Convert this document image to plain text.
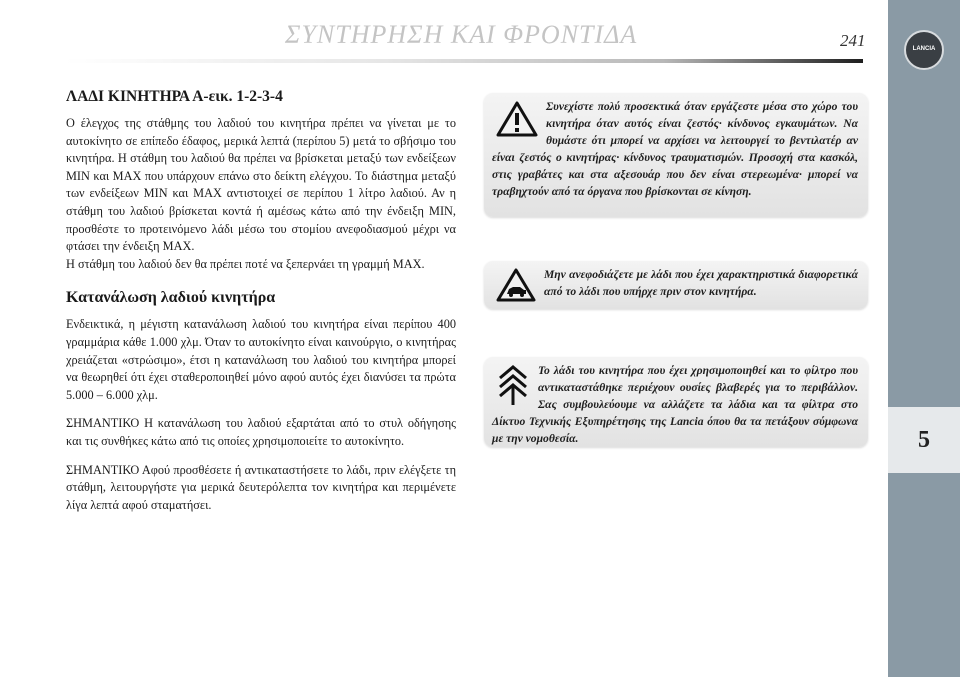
ΣΥΝΤΗΡΗΣΗ ΚΑΙ ΦΡΟΝΤΙΔΑ	241	LANCIA
5
ΛΑΔΙ ΚΙΝΗΤΗΡΑ Α-εικ. 1-2-3-4

Ο έλεγχος της στάθμης του λαδιού του κινητήρα πρέπει να γίνεται με το αυτοκίνητο σε επίπεδο έδαφος, μερικά λεπτά (περίπου 5) μετά το σβήσιμο του κινητήρα. Η στάθμη του λαδιού θα πρέπει να βρίσκεται μεταξύ των ενδείξεων MIN και MAX που υπάρχουν επάνω στο δείκτη ελέγχου. Το διάστημα μεταξύ των ενδείξεων MIN και MAX αντιστοιχεί σε περίπου 1 λίτρο λαδιού. Αν η στάθμη του λαδιού βρίσκεται κοντά ή αμέσως κάτω από την ένδειξη MIN, προσθέστε το προτεινόμενο λάδι μέσω του στομίου ανεφοδιασμού μέχρι να φτάσει την ένδειξη MAX.

Η στάθμη του λαδιού δεν θα πρέπει ποτέ να ξεπερνάει τη γραμμή MAX.

Κατανάλωση λαδιού κινητήρα

Ενδεικτικά, η μέγιστη κατανάλωση λαδιού του κινητήρα είναι περίπου 400 γραμμάρια κάθε 1.000 χλμ. Όταν το αυτοκίνητο είναι καινούργιο, ο κινητήρας χρειάζεται «στρώσιμο», έτσι η κατανάλωση του λαδιού του κινητήρα μπορεί να θεωρηθεί ότι έχει σταθεροποιηθεί μόνο αφού αυτός έχει διανύσει τα πρώτα 5.000 – 6.000 χλμ.

ΣΗΜΑΝΤΙΚΟ Η κατανάλωση του λαδιού εξαρτάται από το στυλ οδήγησης και τις συνθήκες κάτω από τις οποίες χρησιμοποιείτε το αυτοκίνητο.

ΣΗΜΑΝΤΙΚΟ Αφού προσθέσετε ή αντικαταστήσετε το λάδι, πριν ελέγξετε τη στάθμη, λειτουργήστε για μερικά δευτερόλεπτα τον κινητήρα και περιμένετε λίγα λεπτά αφού σταματήσει.

Συνεχίστε πολύ προσεκτικά όταν εργάζεστε μέσα στο χώρο του κινητήρα όταν αυτός είναι ζεστός· κίνδυνος εγκαυμάτων. Να θυμάστε ότι μπορεί να αρχίσει να λειτουργεί το βεντιλατέρ αν είναι ζεστός ο κινητήρας· κίνδυνος τραυματισμών. Προσοχή στα κασκόλ, στις γραβάτες και στα αξεσουάρ που δεν είναι στερεωμένα· μπορεί να τραβηχτούν από τα όργανα που βρίσκονται σε κίνηση.

Μην ανεφοδιάζετε με λάδι που έχει χαρακτηριστικά διαφορετικά από το λάδι που υπήρχε πριν στον κινητήρα.

Το λάδι του κινητήρα που έχει χρησιμοποιηθεί και το φίλτρο που αντικαταστάθηκε περιέχουν ουσίες βλαβερές για το περιβάλλον. Σας συμβουλεύουμε να αλλάζετε τα λάδια και τα φίλτρα στο Δίκτυο Τεχνικής Εξυπηρέτησης της Lancia όπου θα τα πετάξουν σύμφωνα με την νομοθεσία.
